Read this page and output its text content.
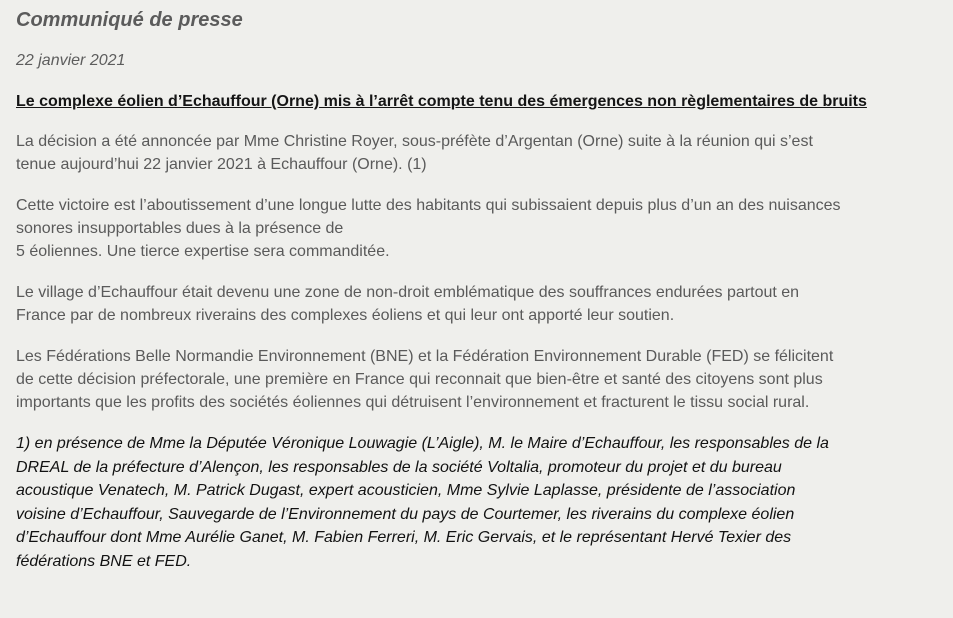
Communiqué de presse
22 janvier 2021
Le complexe éolien d’Echauffour (Orne) mis à l’arrêt compte tenu des émergences non règlementaires de bruits
La décision a été annoncée par Mme Christine Royer, sous-préfète d’Argentan (Orne) suite à la réunion qui s’est
tenue aujourd’hui 22 janvier 2021 à Echauffour (Orne). (1)
Cette victoire est l’aboutissement d’une longue lutte des habitants qui subissaient depuis plus d’un an des nuisances
sonores insupportables dues à la présence de
5 éoliennes. Une tierce expertise sera commanditée.
Le village d’Echauffour était devenu une zone de non-droit emblématique des souffrances endurées partout en
France par de nombreux riverains des complexes éoliens et qui leur ont apporté leur soutien.
Les Fédérations Belle Normandie Environnement (BNE) et la Fédération Environnement Durable (FED) se félicitent
de cette décision préfectorale, une première en France qui reconnait que bien-être et santé des citoyens sont plus
importants que les profits des sociétés éoliennes qui détruisent l’environnement et fracturent le tissu social rural.
1) en présence de Mme la Députée Véronique Louwagie (L’Aigle), M. le Maire d’Echauffour, les responsables de la
DREAL de la préfecture d’Alençon, les responsables de la société Voltalia, promoteur du projet et du bureau
acoustique Venatech, M. Patrick Dugast, expert acousticien, Mme Sylvie Laplasse, présidente de l’association
voisine d’Echauffour, Sauvegarde de l’Environnement du pays de Courtemer, les riverains du complexe éolien
d’Echauffour dont Mme Aurélie Ganet, M. Fabien Ferreri, M. Eric Gervais, et le représentant Hervé Texier des
fédérations BNE et FED.
